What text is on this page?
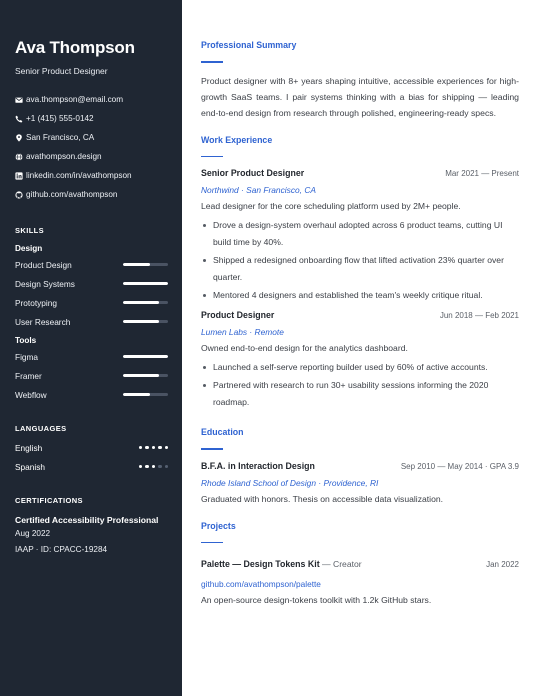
Ava Thompson
Senior Product Designer
ava.thompson@email.com
+1 (415) 555-0142
San Francisco, CA
avathompson.design
linkedin.com/in/avathompson
github.com/avathompson
SKILLS
Design
Product Design
Design Systems
Prototyping
User Research
Tools
Figma
Framer
Webflow
LANGUAGES
English
Spanish
CERTIFICATIONS
Certified Accessibility Professional
Aug 2022
IAAP · ID: CPACC-19284
Professional Summary

Product designer with 8+ years shaping intuitive, accessible experiences for high-growth SaaS teams. I pair systems thinking with a bias for shipping — leading end-to-end design from research through polished, engineering-ready specs.

Work Experience
Senior Product Designer	Mar 2021 — Present
Northwind · San Francisco, CA
Lead designer for the core scheduling platform used by 2M+ people.
Drove a design-system overhaul adopted across 6 product teams, cutting UI build time by 40%.
Shipped a redesigned onboarding flow that lifted activation 23% quarter over quarter.
Mentored 4 designers and established the team's weekly critique ritual.
Product Designer	Jun 2018 — Feb 2021
Lumen Labs · Remote
Owned end-to-end design for the analytics dashboard.
Launched a self-serve reporting builder used by 60% of active accounts.
Partnered with research to run 30+ usability sessions informing the 2020 roadmap.
Education
B.F.A. in Interaction Design	Sep 2010 — May 2014 · GPA 3.9
Rhode Island School of Design · Providence, RI
Graduated with honors. Thesis on accessible data visualization.
Projects
Palette — Design Tokens Kit — Creator	Jan 2022
github.com/avathompson/palette
An open-source design-tokens toolkit with 1.2k GitHub stars.
